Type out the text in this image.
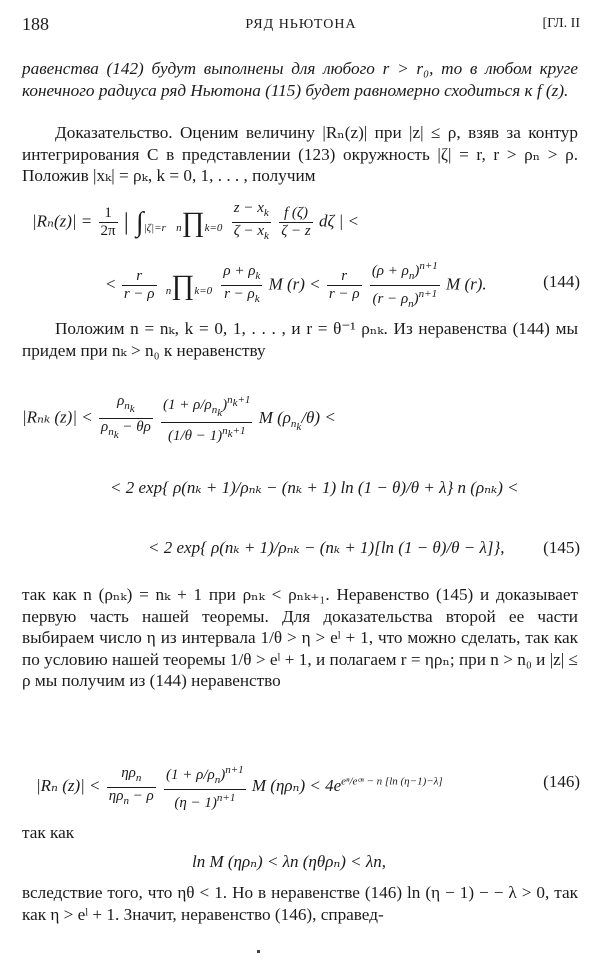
188	РЯД НЬЮТОНА	[ГЛ. II

равенства (142) будут выполнены для любого r > r₀, то в любом круге конечного радиуса ряд Ньютона (115) будет равномерно сходиться к f (z).

Доказательство. Оценим величину |Rₙ(z)| при |z| ≤ ρ, взяв за контур интегрирования C в представлении (123) окружность |ζ| = r, r > ρₙ > ρ. Положив |xₖ| = ρₖ, k = 0, 1, . . . , получим

$|R_n(z)| = \frac{1}{2\pi}$ | ∫|ζ|=r n∏k=0 $\frac{z - x_k}{\zeta - x_k}$
$\frac{f (\zeta)}{\zeta - z}$ dζ | <
< $\frac{r}{r - \rho}$ n∏k=0 $\frac{\rho + \rho_k}{r - \rho_k}$ M $(r) < \frac{r}{r - \rho}$
$\frac{(\rho + \rho_n)^{n+1}}{(r - \rho_n)^{n+1}}$ M (r).	(144)

Положим n = nₖ, k = 0, 1, . . . , и r = θ⁻¹ ρₙₖ. Из неравенства (144) мы придем при nₖ > n₀ к неравенству

|Rₙₖ $(z)| < \frac{\rho_{n_k}}{\rho_{n_k} - \theta\rho}$
$\frac{(1 + \rho/\rho_{n_k})^{n_k+1}}{(1/\theta - 1)^{n_k+1}}$ M $(\rho_{n_k}/\theta)$ <
< 2 exp{ ρ(nₖ + 1)/ρₙₖ − (nₖ + 1) ln (1 − θ)/θ + λ} n (ρₙₖ) <
< 2 exp{ ρ(nₖ + 1)/ρₙₖ − (nₖ + 1)[ln (1 − θ)/θ − λ]}, (145)

так как n (ρₙₖ) = nₖ + 1 при ρₙₖ < ρₙₖ₊₁. Неравенство (145) и доказывает первую часть нашей теоремы. Для доказательства второй ее части выбираем число η из интервала 1/θ > η > eˡ + 1, что можно сделать, так как по условию нашей теоремы 1/θ > eˡ + 1, и полагаем r = ηρₙ; при n > n₀ и |z| ≤ ρ мы получим из (144) неравенство

|Rₙ $(z)| < \frac{\eta\rho_n}{\eta\rho_n - \rho}$
$\frac{(1 + \rho/\rho_n)^{n+1}}{(\eta - 1)^{n+1}}$ M $(\eta\rho_n) < 4e^{e^n/eᶜ^n - n [ln (\eta-1)-\lambda]}$	(146)

так как

ln M (ηρₙ) < λn (ηθρₙ) < λn,

вследствие того, что ηθ < 1. Но в неравенстве (146) ln (η − 1) − − λ > 0, так как η > eˡ + 1. Значит, неравенство (146), справед-
